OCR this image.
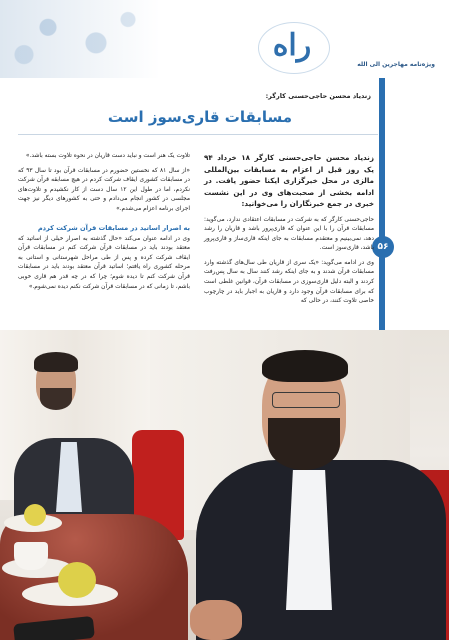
راه
ویژه‌نامه مهاجرین الی الله
۵۶
زندیاد محسن حاجی‌حسنی کارگر:
مسابقات قاری‌سوز است

زندیاد محسن حاجی‌حسنی کارگر ۱۸ خرداد ۹۴ یک روز قبل از اعزام به مسابقات بین‌المللی مالزی در محل خبرگزاری ایکنا حضور یافت. در ادامه بخشی از صحبت‌های وی در این نشست خبری در جمع خبرنگاران را می‌خوانید:

حاجی‌حسنی کارگر که به شرکت در مسابقات اعتقادی ندارد، می‌گوید: مسابقات قرآن را با این عنوان که قاری‌پرور باشد و قاریان را رشد دهد، نمی‌بینیم و معتقدم مسابقات به جای اینکه قاری‌ساز و قاری‌پرور باشد، قاری‌سوز است.

وی در ادامه می‌گوید: «یک سری از قاریان طی سال‌های گذشته وارد مسابقات قرآن شدند و به جای اینکه رشد کنند سال به سال پس‌رفت کردند و البته دلیل قاری‌سوزی در مسابقات قرآن، قوانین غلطی است که برای مسابقات قرآن وجود دارد و قاریان به اجبار باید در چارچوب خاصی تلاوت کنند، در حالی که

تلاوت یک هنر است و نباید دست قاریان در نحوه تلاوت بسته باشد.»

«از سال ۸۱ که نخستین حضورم در مسابقات قرآن بود تا سال ۹۳ که در مسابقات کشوری ایقاف شرکت کردم در هیچ مسابقه قرآن شرکت نکردم، اما در طول این ۱۲ سال دست از کار نکشیدم و تلاوت‌های مجلسی در کشور انجام می‌دادم و حتی به کشورهای دیگر نیز جهت اجرای برنامه اعزام می‌شدم.»

به اصرار اساتید در مسابقات قرآن شرکت کردم

وی در ادامه عنوان می‌کند «حال گذشته به اصرار خیلی از اساتید که معتقد بودند باید در مسابقات قرآن شرکت کنم در مسابقات قرآن ایقاف شرکت کرده و پس از طی مراحل شهرستانی و استانی به مرحله کشوری راه یافتم؛ اساتید قرآن معتقد بودند باید در مسابقات قرآن شرکت کنم تا دیده شوم؛ چرا که در چه قدر هم قاری خوبی باشم، تا زمانی که در مسابقات قرآن شرکت نکنم دیده نمی‌شوم.»
